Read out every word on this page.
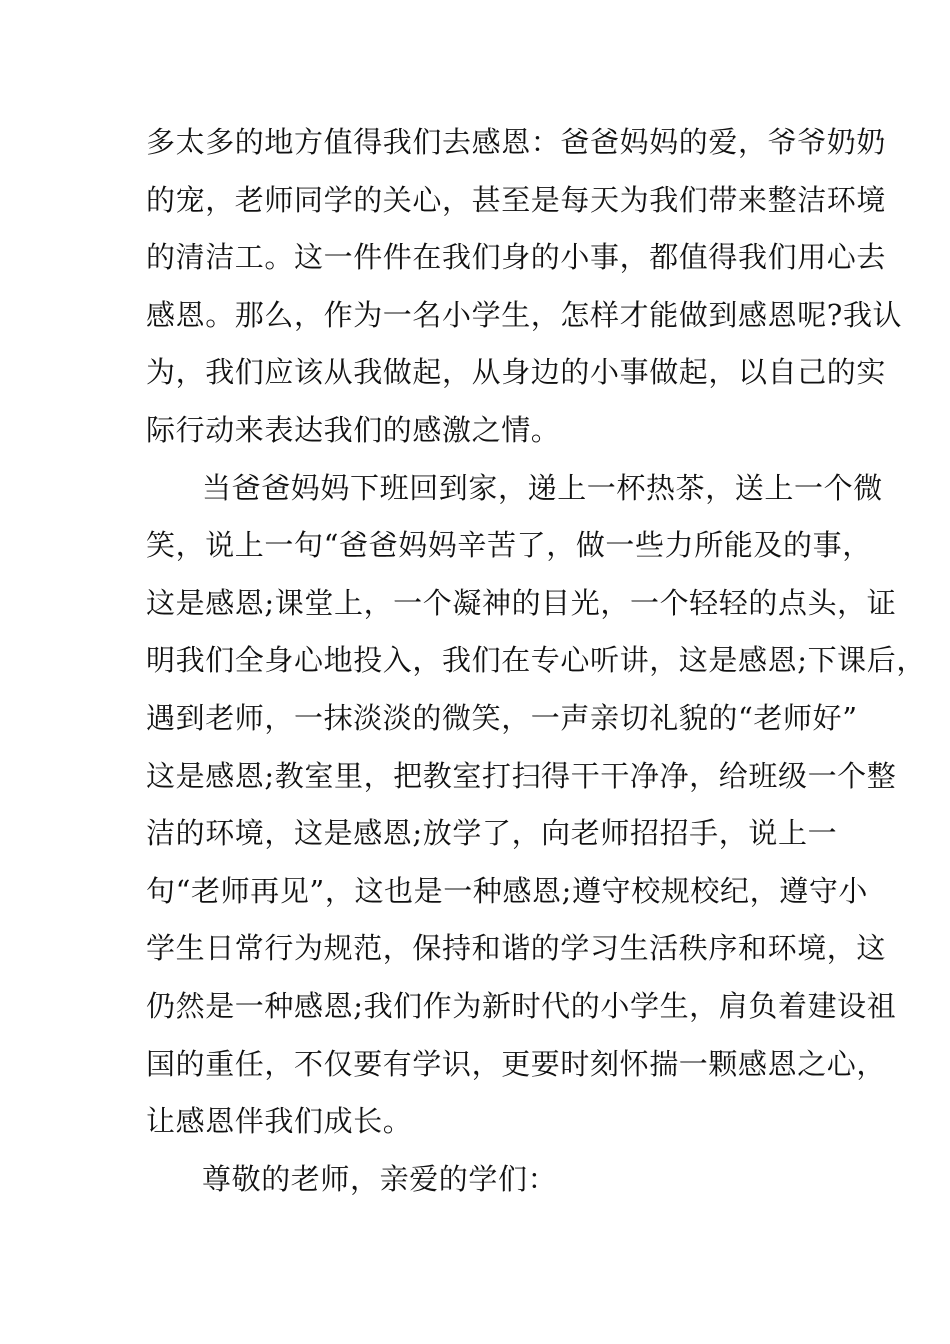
多太多的地方值得我们去感恩：爸爸妈妈的爱，爷爷奶奶
的宠，老师同学的关心，甚至是每天为我们带来整洁环境
的清洁工。这一件件在我们身的小事，都值得我们用心去
感恩。那么，作为一名小学生，怎样才能做到感恩呢?我认
为，我们应该从我做起，从身边的小事做起，以自己的实
际行动来表达我们的感激之情。
当爸爸妈妈下班回到家，递上一杯热茶，送上一个微
笑，说上一句“爸爸妈妈辛苦了，做一些力所能及的事，
这是感恩;课堂上，一个凝神的目光，一个轻轻的点头，证
明我们全身心地投入，我们在专心听讲，这是感恩;下课后，
遇到老师，一抹淡淡的微笑，一声亲切礼貌的“老师好”
这是感恩;教室里，把教室打扫得干干净净，给班级一个整
洁的环境，这是感恩;放学了，向老师招招手，说上一
句“老师再见”，这也是一种感恩;遵守校规校纪，遵守小
学生日常行为规范，保持和谐的学习生活秩序和环境，这
仍然是一种感恩;我们作为新时代的小学生，肩负着建设祖
国的重任，不仅要有学识，更要时刻怀揣一颗感恩之心，
让感恩伴我们成长。
尊敬的老师，亲爱的学们：
